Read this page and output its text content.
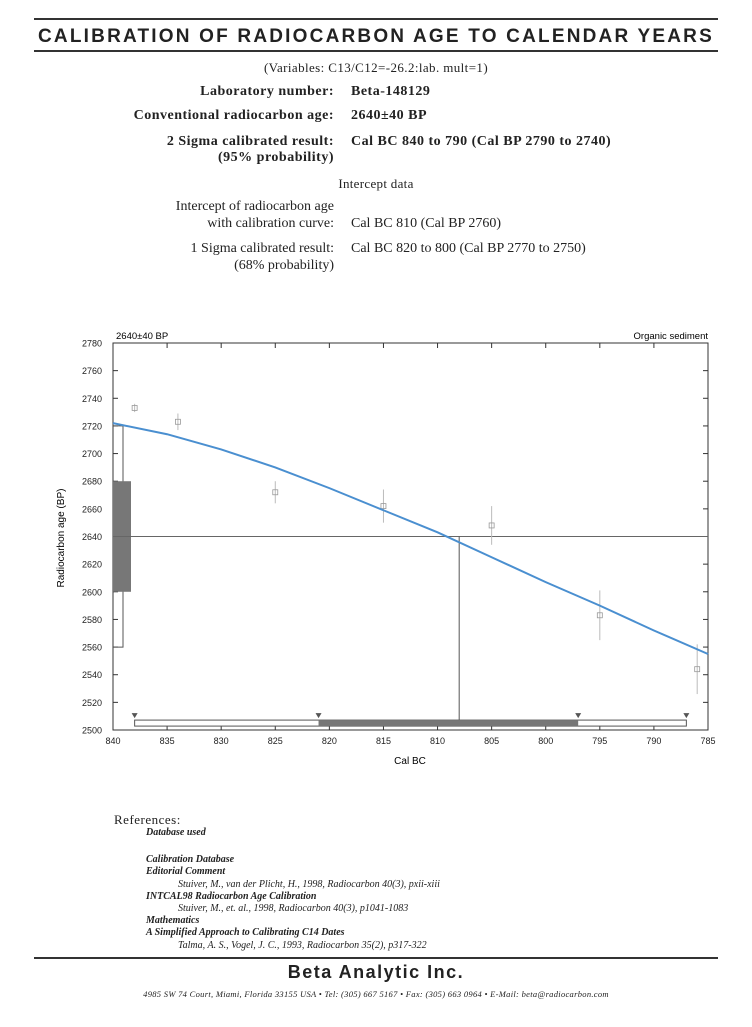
CALIBRATION OF RADIOCARBON AGE TO CALENDAR YEARS
(Variables: C13/C12=-26.2:lab. mult=1)
Laboratory number: Beta-148129
Conventional radiocarbon age: 2640±40 BP
2 Sigma calibrated result: Cal BC 840 to 790 (Cal BP 2790 to 2740)
(95% probability)
Intercept data
Intercept of radiocarbon age
with calibration curve: Cal BC 810 (Cal BP 2760)
1 Sigma calibrated result: Cal BC 820 to 800 (Cal BP 2770 to 2750)
(68% probability)
2780
2760
2740
2720
2700
2680
2660
2640
2620
2600
2580
2560
2540
2520
2500
840	835	830	825	820	815	810	805	800	795	790	785
2640±40 BP	Organic sediment
Cal BC
Radiocarbon age (BP)
References:
Database used
Calibration Database
Editorial Comment
Stuiver, M., van der Plicht, H., 1998, Radiocarbon 40(3), pxii-xiii
INTCAL98 Radiocarbon Age Calibration
Stuiver, M., et. al., 1998, Radiocarbon 40(3), p1041-1083
Mathematics
A Simplified Approach to Calibrating C14 Dates
Talma, A. S., Vogel, J. C., 1993, Radiocarbon 35(2), p317-322
Beta Analytic Inc.
4985 SW 74 Court, Miami, Florida 33155 USA • Tel: (305) 667 5167 • Fax: (305) 663 0964 • E-Mail: beta@radiocarbon.com
